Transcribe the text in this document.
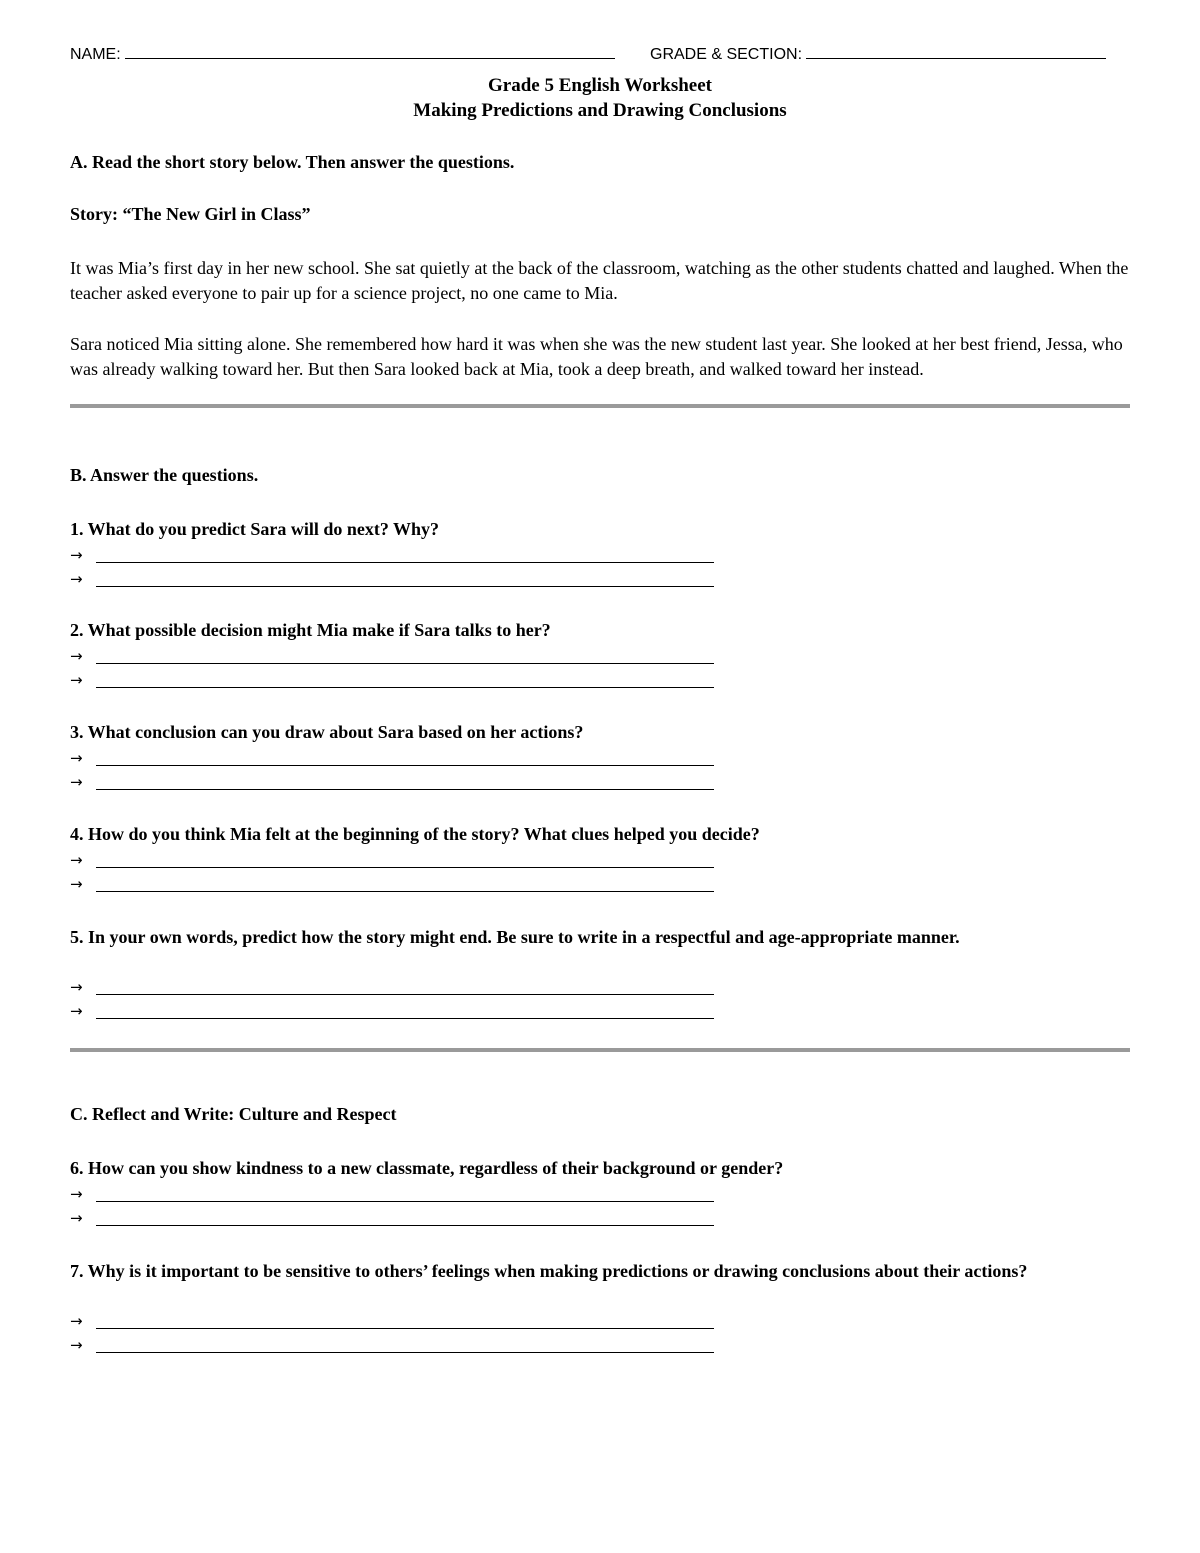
NAME:	GRADE & SECTION:
Grade 5 English Worksheet
Making Predictions and Drawing Conclusions
A. Read the short story below. Then answer the questions.
Story: “The New Girl in Class”
It was Mia’s first day in her new school. She sat quietly at the back of the classroom, watching as the other students chatted and laughed. When the teacher asked everyone to pair up for a science project, no one came to Mia.
Sara noticed Mia sitting alone. She remembered how hard it was when she was the new student last year. She looked at her best friend, Jessa, who was already walking toward her. But then Sara looked back at Mia, took a deep breath, and walked toward her instead.
B. Answer the questions.
1. What do you predict Sara will do next? Why?
→
→
2. What possible decision might Mia make if Sara talks to her?
→
→
3. What conclusion can you draw about Sara based on her actions?
→
→
4. How do you think Mia felt at the beginning of the story? What clues helped you decide?
→
→
5. In your own words, predict how the story might end. Be sure to write in a respectful and age-appropriate manner.
→
→
C. Reflect and Write: Culture and Respect
6. How can you show kindness to a new classmate, regardless of their background or gender?
→
→
7. Why is it important to be sensitive to others’ feelings when making predictions or drawing conclusions about their actions?
→
→
